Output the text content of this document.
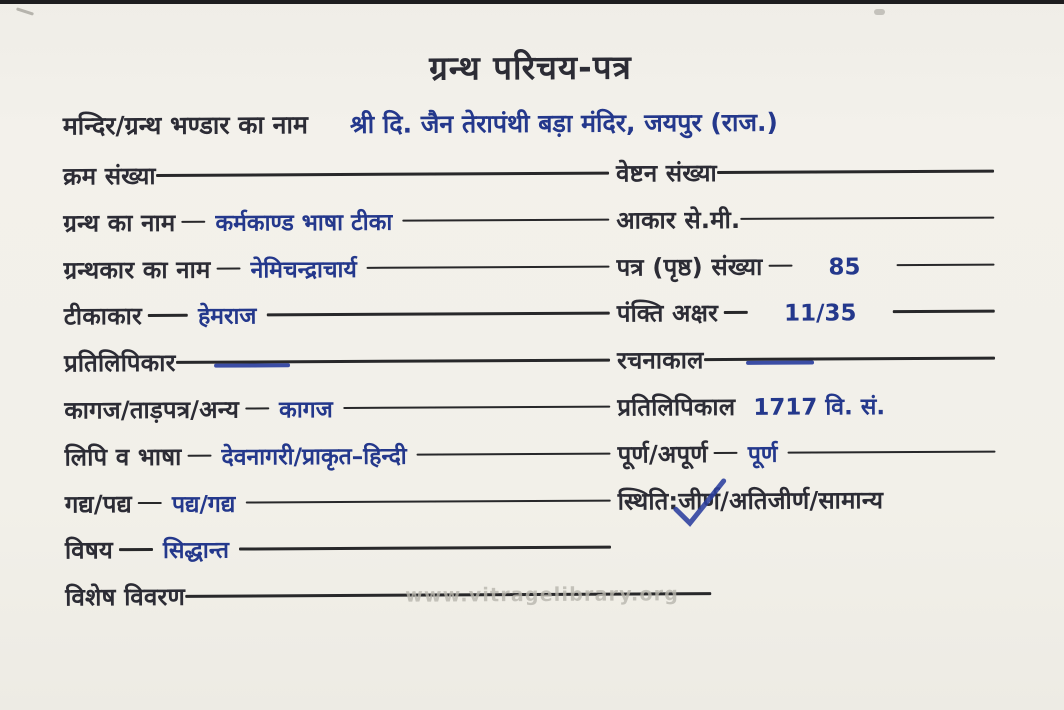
ग्रन्थ परिचय-पत्र
मन्दिर/ग्रन्थ भण्डार का नाम श्री दि. जैन तेरापंथी बड़ा मंदिर, जयपुर (राज.)
क्रम संख्या
ग्रन्थ का नाम कर्मकाण्ड भाषा टीका
ग्रन्थकार का नाम नेमिचन्द्राचार्य
टीकाकार हेमराज
प्रतिलिपिकार
कागज/ताड़पत्र/अन्य कागज
लिपि व भाषा देवनागरी/प्राकृत–हिन्दी
गद्य/पद्य पद्य/गद्य
विषय सिद्धान्त
विशेष विवरण
वेष्टन संख्या
आकार से.मी.
पत्र (पृष्ठ) संख्या	85
पंक्ति अक्षर	11/35
रचनाकाल
प्रतिलिपिकाल 1717 वि. सं.
पूर्ण/अपूर्ण पूर्ण
स्थिति: जीर्ण /अतिजीर्ण/सामान्य
www.vitragelibrary.org
